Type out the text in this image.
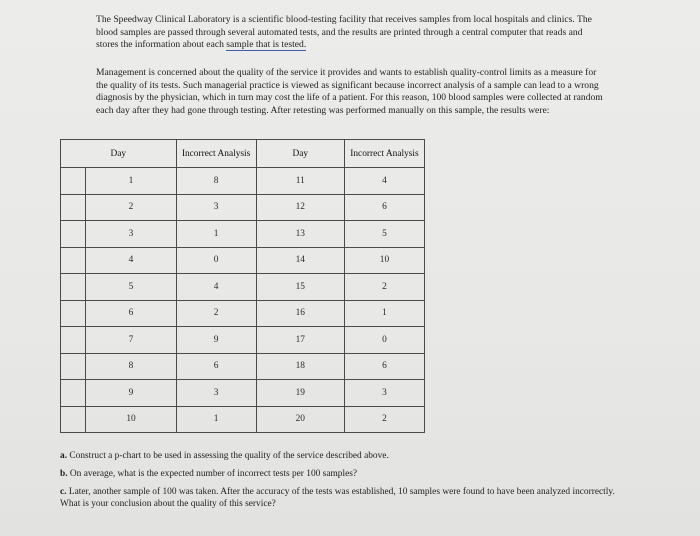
The Speedway Clinical Laboratory is a scientific blood-testing facility that receives samples from local hospitals and clinics. The blood samples are passed through several automated tests, and the results are printed through a central computer that reads and stores the information about each sample that is tested.
Management is concerned about the quality of the service it provides and wants to establish quality-control limits as a measure for the quality of its tests. Such managerial practice is viewed as significant because incorrect analysis of a sample can lead to a wrong diagnosis by the physician, which in turn may cost the life of a patient. For this reason, 100 blood samples were collected at random each day after they had gone through testing. After retesting was performed manually on this sample, the results were:
Day		Incorrect Analysis	Day	Incorrect Analysis
	1	8	11	4
	2	3	12	6
	3	1	13	5
	4	0	14	10
	5	4	15	2
	6	2	16	1
	7	9	17	0
	8	6	18	6
	9	3	19	3
	10	1	20	2
a. Construct a p-chart to be used in assessing the quality of the service described above.
b. On average, what is the expected number of incorrect tests per 100 samples?
c. Later, another sample of 100 was taken. After the accuracy of the tests was established, 10 samples were found to have been analyzed incorrectly. What is your conclusion about the quality of this service?
